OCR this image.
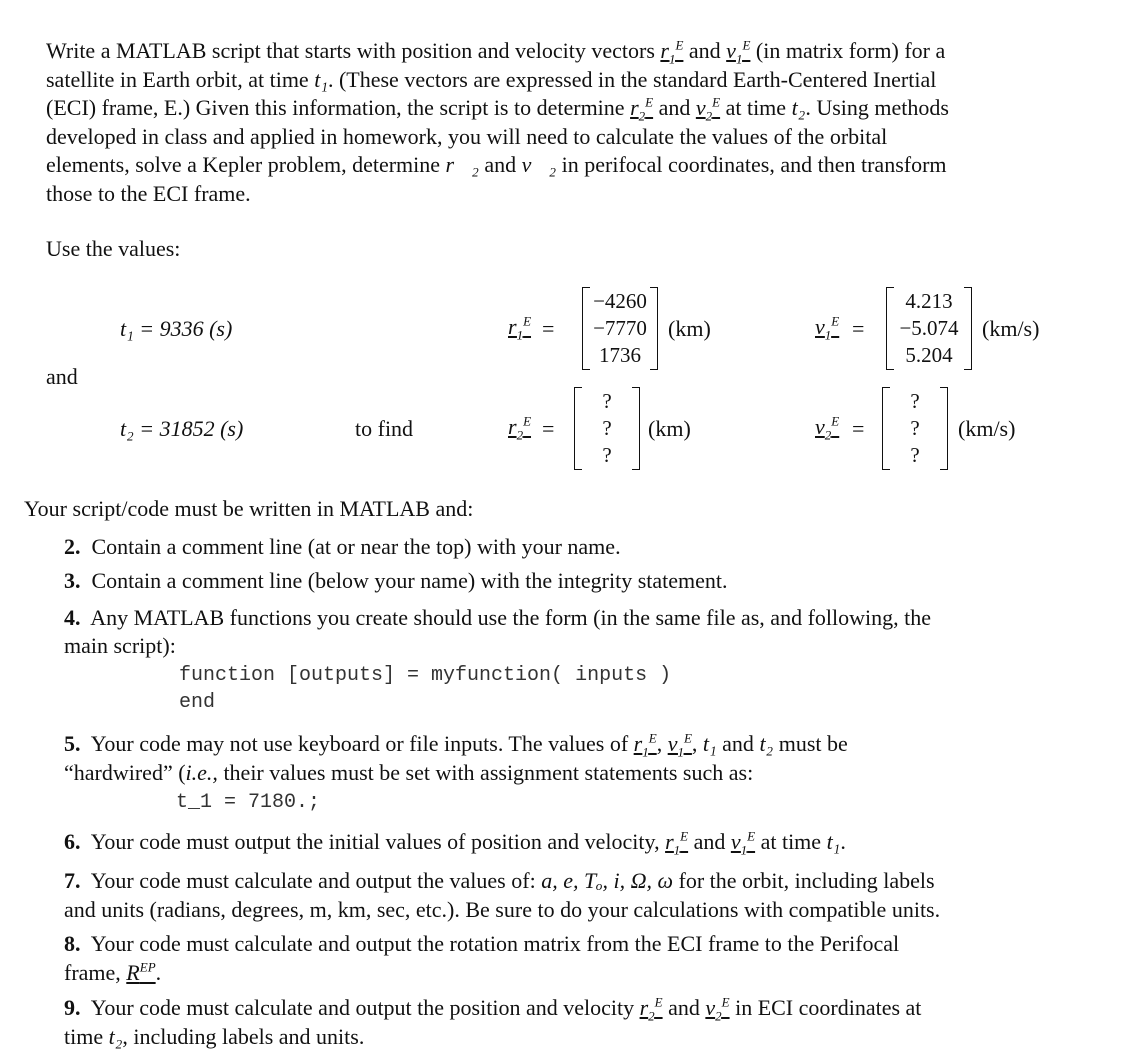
Write a MATLAB script that starts with position and velocity vectors $r_1^E$ and $v_1^E$ (in matrix form) for a
satellite in Earth orbit, at time t₁. (These vectors are expressed in the standard Earth-Centered Inertial
(ECI) frame, E.) Given this information, the script is to determine $r_2^E$ and $v_2^E$ at time t₂. Using methods
developed in class and applied in homework, you will need to calculate the values of the orbital
elements, solve a Kepler problem, determine r⃗₂ and v⃗₂ in perifocal coordinates, and then transform
those to the ECI frame.
Use the values:
t₁ = 9336 (s)	$r_1^E$ =
−4260
−7770
1736
(km)	$v_1^E$ =
4.213
−5.074
5.204
(km/s)
and
t₂ = 31852 (s)	to find	$r_2^E$ =
?
?
?
(km)	$v_2^E$ =
?
?
?
(km/s)
Your script/code must be written in MATLAB and:
2. Contain a comment line (at or near the top) with your name.
3. Contain a comment line (below your name) with the integrity statement.
4. Any MATLAB functions you create should use the form (in the same file as, and following, the
main script):
function [outputs] = myfunction( inputs )
end
5. Your code may not use keyboard or file inputs. The values of $r_1^E$, $v_1^E$, t₁ and t₂ must be
“hardwired” (i.e., their values must be set with assignment statements such as:
t_1 = 7180.;
6. Your code must output the initial values of position and velocity, $r_1^E$ and $v_1^E$ at time t₁.
7. Your code must calculate and output the values of: a, e, Tₒ, i, Ω, ω for the orbit, including labels
and units (radians, degrees, m, km, sec, etc.). Be sure to do your calculations with compatible units.
8. Your code must calculate and output the rotation matrix from the ECI frame to the Perifocal
frame, $R^{EP}$.
9. Your code must calculate and output the position and velocity $r_2^E$ and $v_2^E$ in ECI coordinates at
time t₂, including labels and units.
